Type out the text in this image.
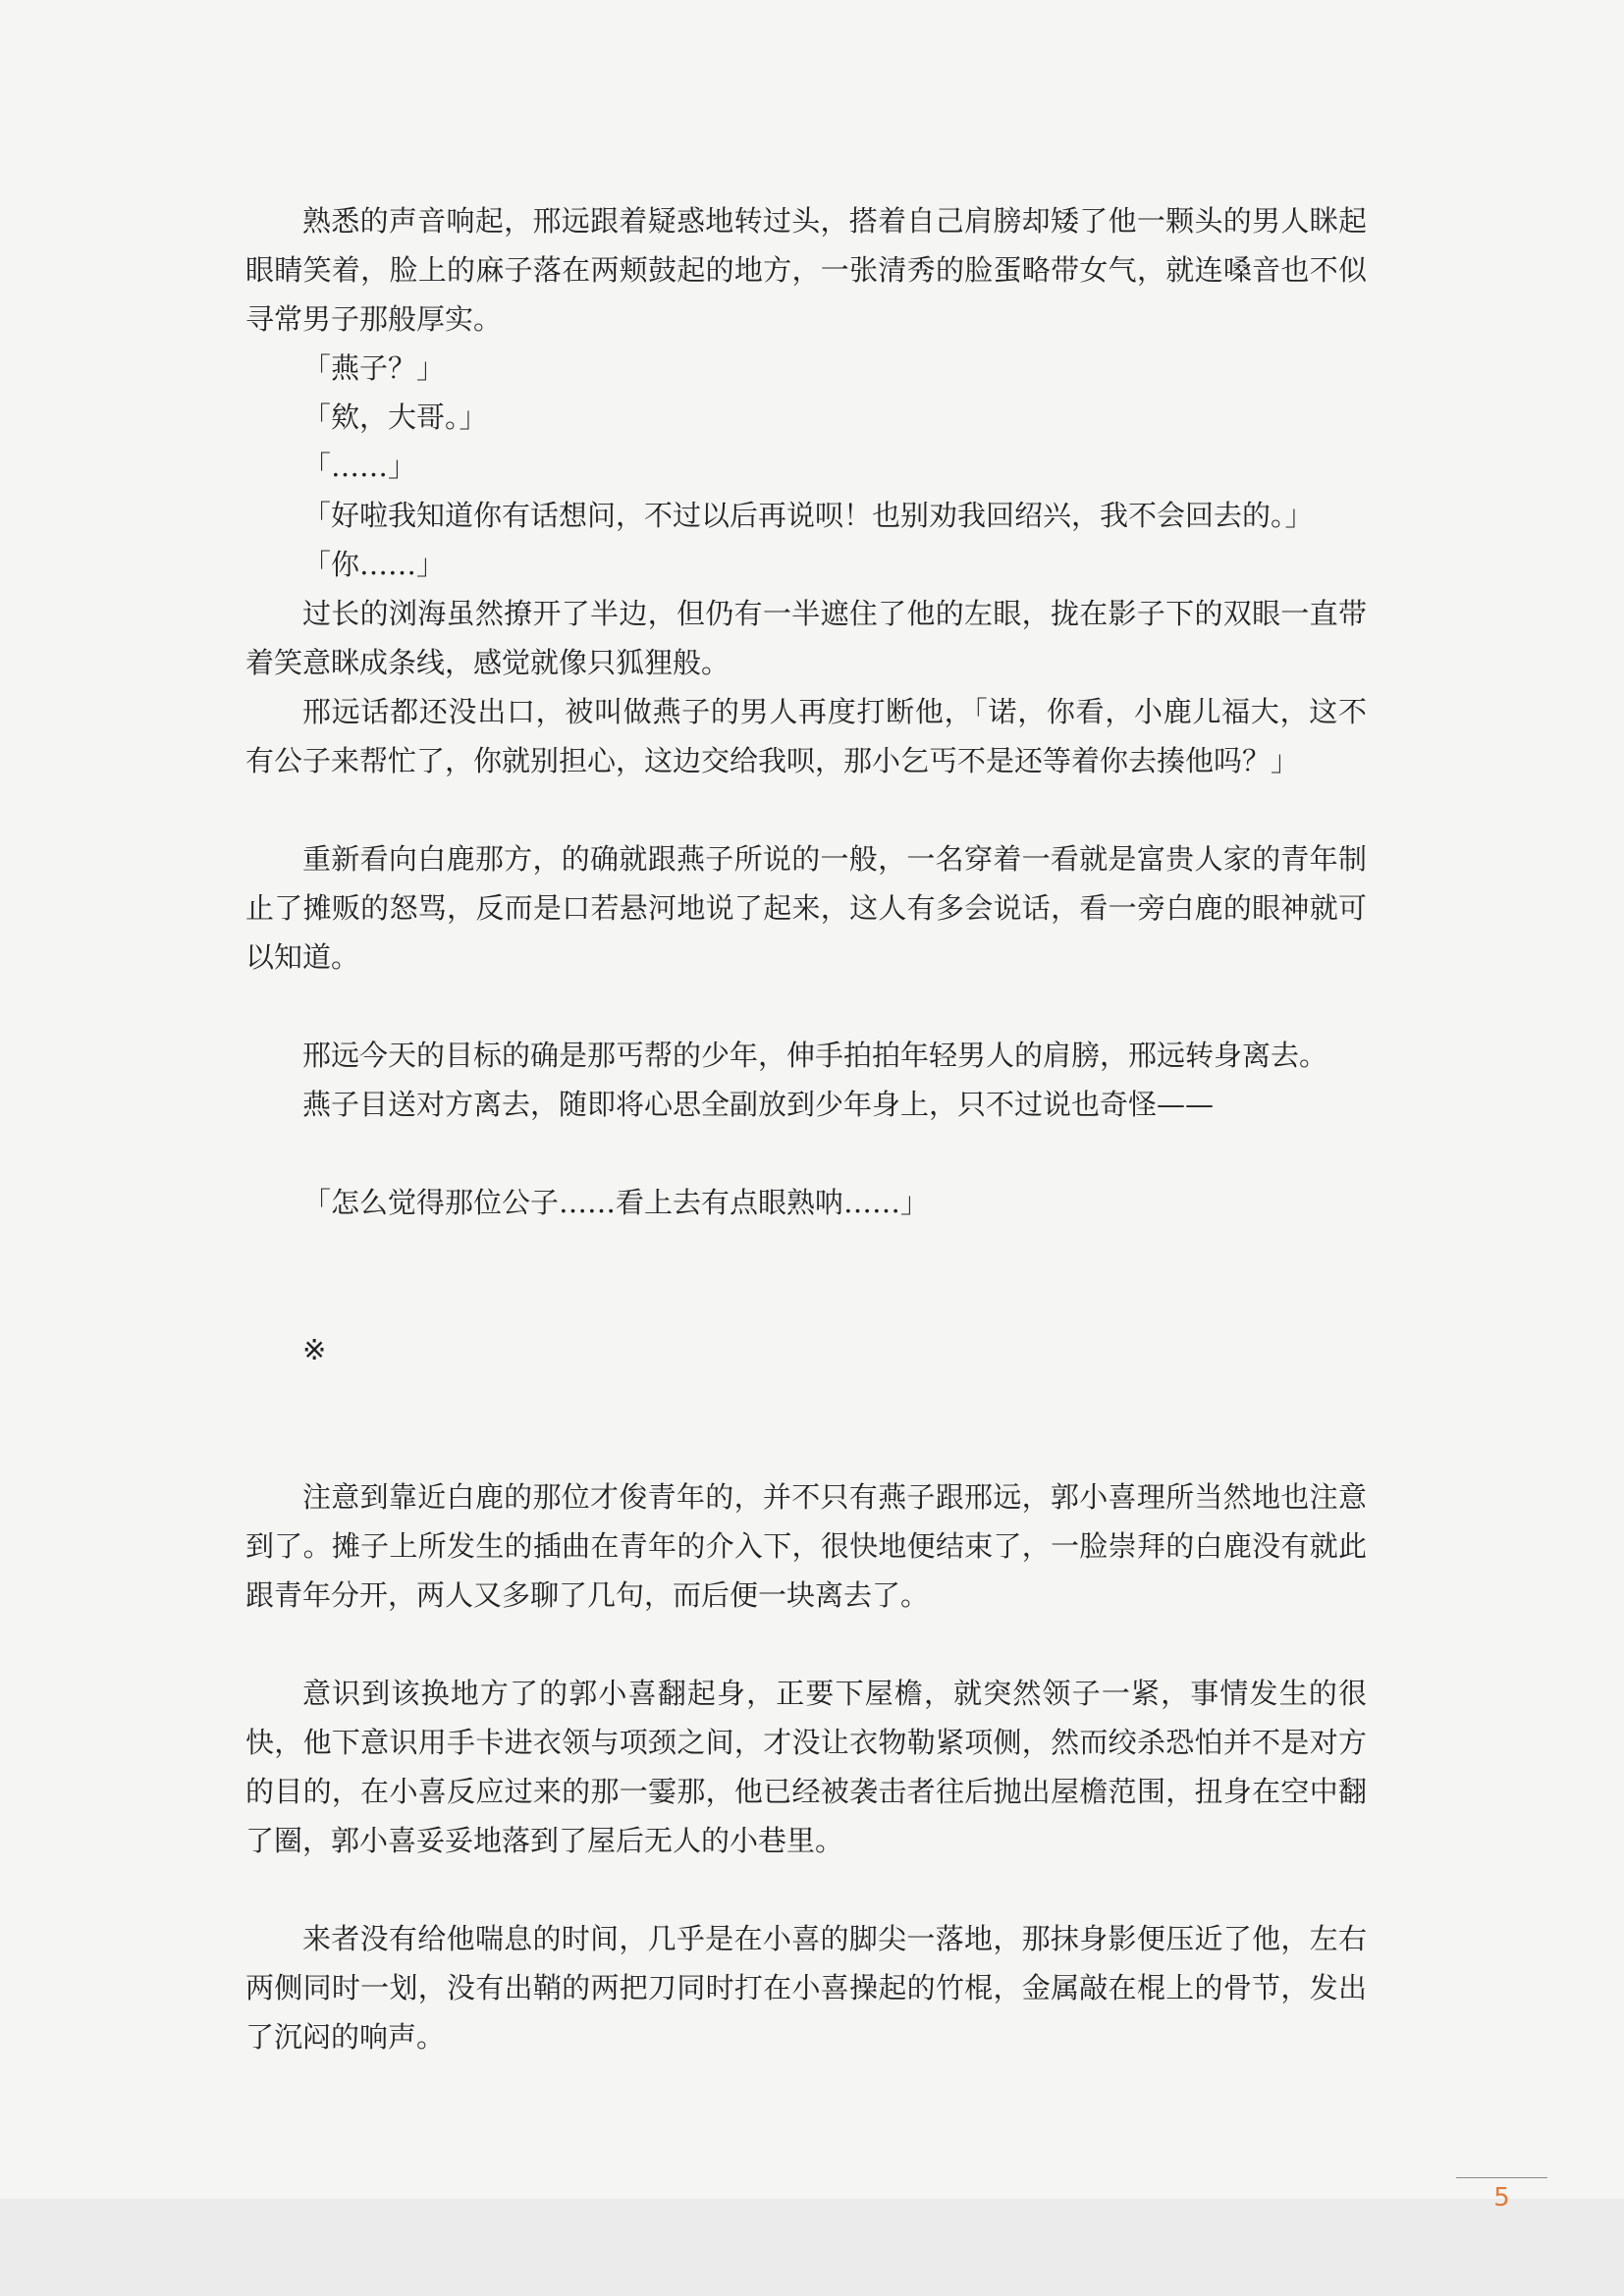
熟悉的声音响起，邢远跟着疑惑地转过头，搭着自己肩膀却矮了他一颗头的男人眯起眼睛笑着，脸上的麻子落在两颊鼓起的地方，一张清秀的脸蛋略带女气，就连嗓音也不似寻常男子那般厚实。

「燕子？」

「欸，大哥。」

「……」

「好啦我知道你有话想问，不过以后再说呗！也别劝我回绍兴，我不会回去的。」

「你……」

过长的浏海虽然撩开了半边，但仍有一半遮住了他的左眼，拢在影子下的双眼一直带着笑意眯成条线，感觉就像只狐狸般。

邢远话都还没出口，被叫做燕子的男人再度打断他，「诺，你看，小鹿儿福大，这不有公子来帮忙了，你就别担心，这边交给我呗，那小乞丐不是还等着你去揍他吗？」

重新看向白鹿那方，的确就跟燕子所说的一般，一名穿着一看就是富贵人家的青年制止了摊贩的怒骂，反而是口若悬河地说了起来，这人有多会说话，看一旁白鹿的眼神就可以知道。

邢远今天的目标的确是那丐帮的少年，伸手拍拍年轻男人的肩膀，邢远转身离去。

燕子目送对方离去，随即将心思全副放到少年身上，只不过说也奇怪——

「怎么觉得那位公子……看上去有点眼熟呐……」

※

注意到靠近白鹿的那位才俊青年的，并不只有燕子跟邢远，郭小喜理所当然地也注意到了。摊子上所发生的插曲在青年的介入下，很快地便结束了，一脸崇拜的白鹿没有就此跟青年分开，两人又多聊了几句，而后便一块离去了。

意识到该换地方了的郭小喜翻起身，正要下屋檐，就突然领子一紧，事情发生的很快，他下意识用手卡进衣领与项颈之间，才没让衣物勒紧项侧，然而绞杀恐怕并不是对方的目的，在小喜反应过来的那一霎那，他已经被袭击者往后抛出屋檐范围，扭身在空中翻了圈，郭小喜妥妥地落到了屋后无人的小巷里。

来者没有给他喘息的时间，几乎是在小喜的脚尖一落地，那抹身影便压近了他，左右两侧同时一划，没有出鞘的两把刀同时打在小喜操起的竹棍，金属敲在棍上的骨节，发出了沉闷的响声。

5
